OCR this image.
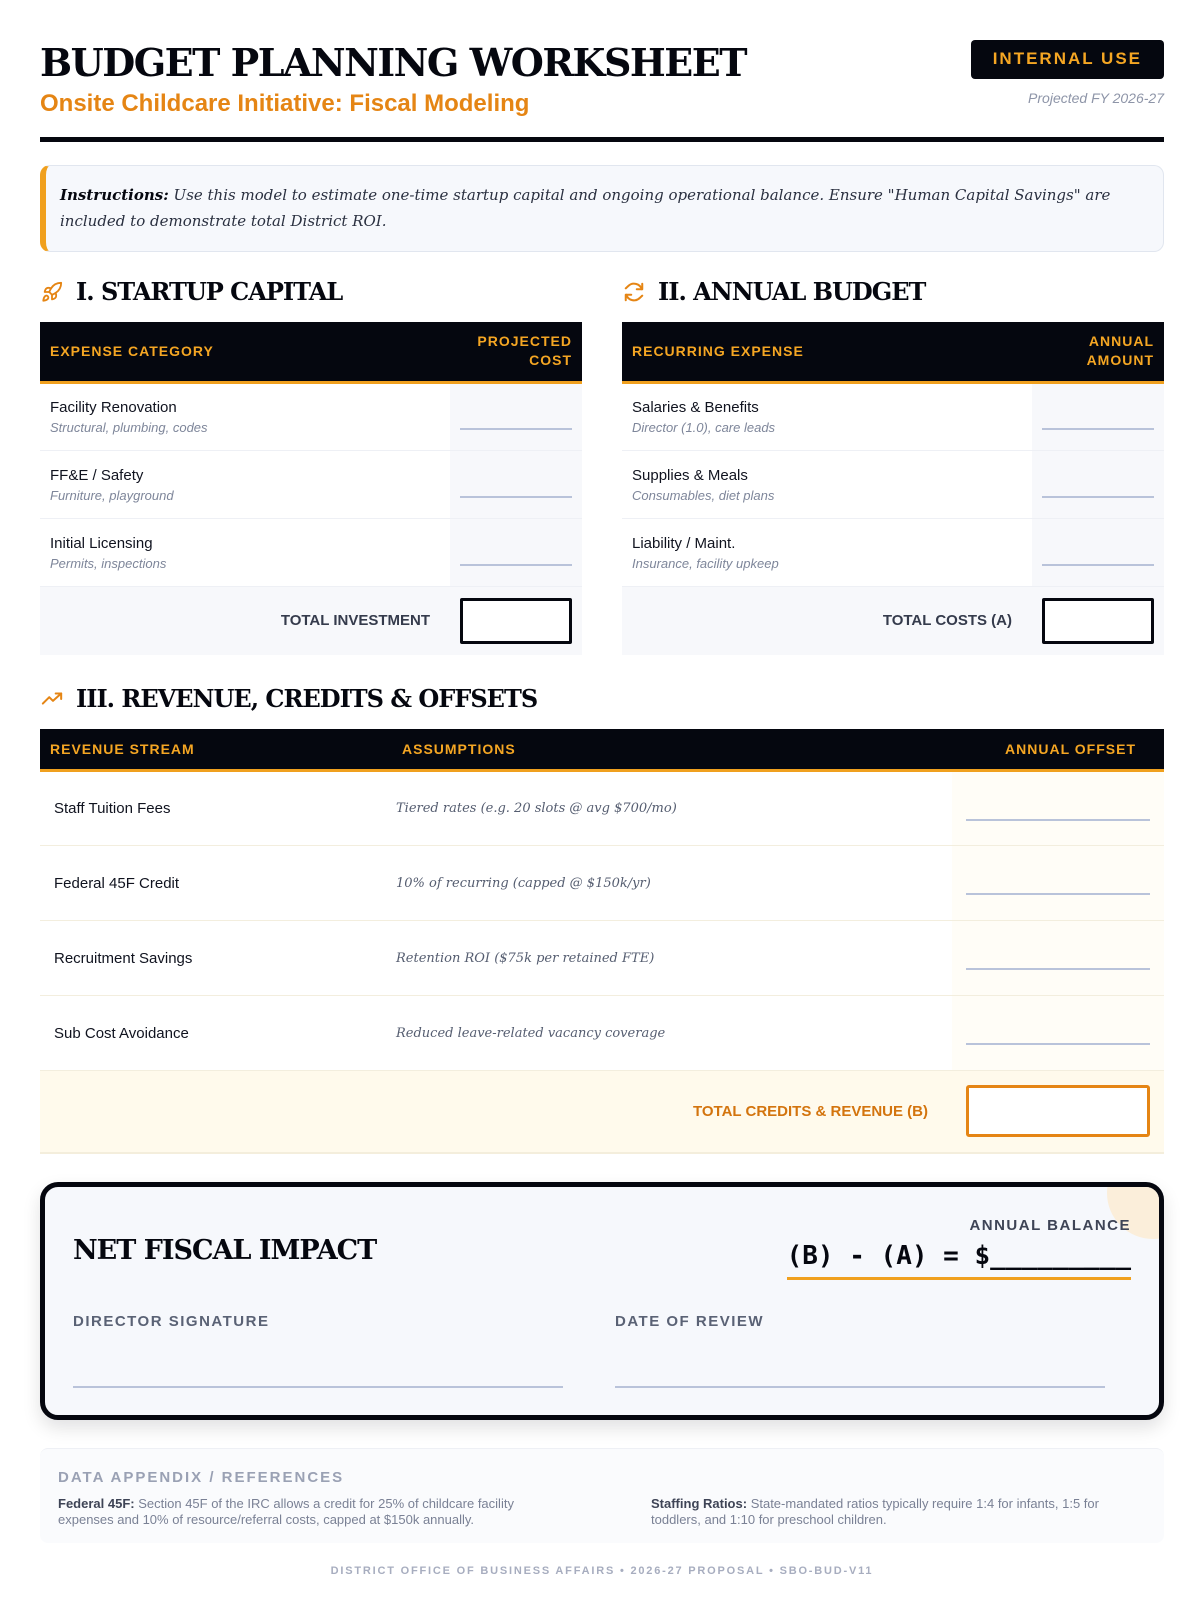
BUDGET PLANNING WORKSHEET
Onsite Childcare Initiative: Fiscal Modeling
INTERNAL USE
Projected FY 2026-27
Instructions: Use this model to estimate one-time startup capital and ongoing operational balance. Ensure "Human Capital Savings" are included to demonstrate total District ROI.
I. STARTUP CAPITAL
EXPENSE CATEGORY	PROJECTED
COST

Facility Renovation
Structural, plumbing, codes	

FF&E / Safety
Furniture, playground	

Initial Licensing
Permits, inspections	

TOTAL INVESTMENT	
II. ANNUAL BUDGET
RECURRING EXPENSE	ANNUAL
AMOUNT

Salaries & Benefits
Director (1.0), care leads	

Supplies & Meals
Consumables, diet plans	

Liability / Maint.
Insurance, facility upkeep	

TOTAL COSTS (A)	
III. REVENUE, CREDITS & OFFSETS
REVENUE STREAM	ASSUMPTIONS	ANNUAL OFFSET
Staff Tuition Fees	Tiered rates (e.g. 20 slots @ avg $700/mo)	

Federal 45F Credit	10% of recurring (capped @ $150k/yr)	

Recruitment Savings	Retention ROI ($75k per retained FTE)	

Sub Cost Avoidance	Reduced leave-related vacancy coverage	

TOTAL CREDITS & REVENUE (B)		
NET FISCAL IMPACT
ANNUAL BALANCE
(B) - (A) = $_________
DIRECTOR SIGNATURE	DATE OF REVIEW
DATA APPENDIX / REFERENCES
Federal 45F: Section 45F of the IRC allows a credit for 25% of childcare facility expenses and 10% of resource/referral costs, capped at $150k annually.
Staffing Ratios: State-mandated ratios typically require 1:4 for infants, 1:5 for toddlers, and 1:10 for preschool children.
DISTRICT OFFICE OF BUSINESS AFFAIRS • 2026-27 PROPOSAL • SBO-BUD-V11
